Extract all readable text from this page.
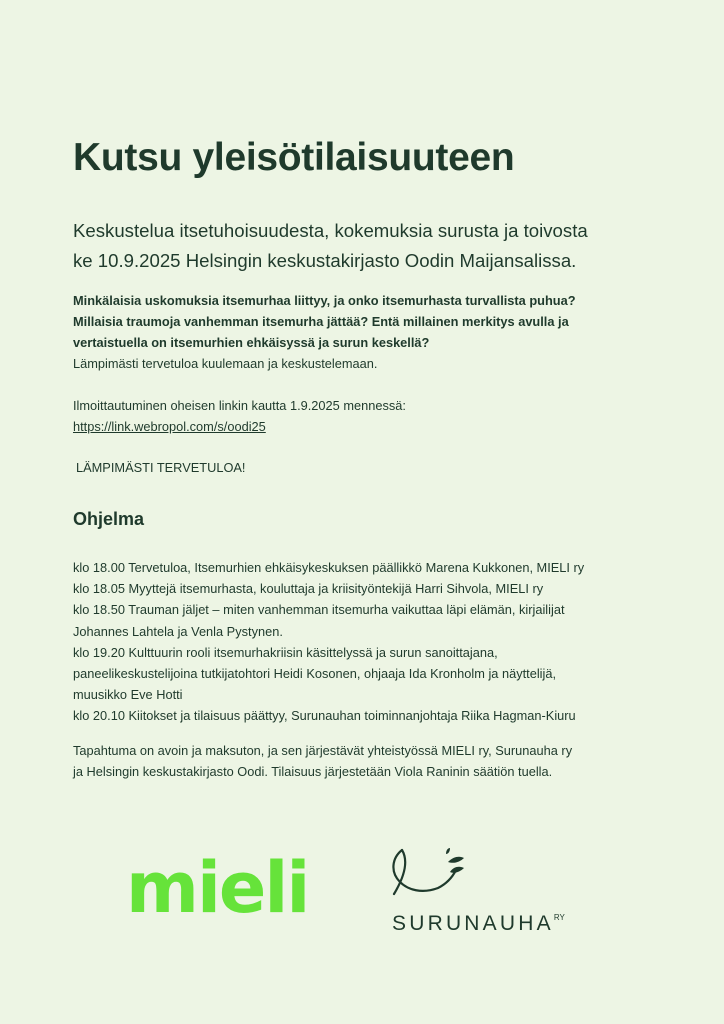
Kutsu yleisötilaisuuteen

Keskustelua itsetuhoisuudesta, kokemuksia surusta ja toivosta
ke 10.9.2025 Helsingin keskustakirjasto Oodin Maijansalissa.

Minkälaisia uskomuksia itsemurhaa liittyy, ja onko itsemurhasta turvallista puhua?
Millaisia traumoja vanhemman itsemurha jättää? Entä millainen merkitys avulla ja
vertaistuella on itsemurhien ehkäisyssä ja surun keskellä?
Lämpimästi tervetuloa kuulemaan ja keskustelemaan.

Ilmoittautuminen oheisen linkin kautta 1.9.2025 mennessä:
https://link.webropol.com/s/oodi25

LÄMPIMÄSTI TERVETULOA!

Ohjelma
klo 18.00 Tervetuloa, Itsemurhien ehkäisykeskuksen päällikkö Marena Kukkonen, MIELI ry
klo 18.05 Myyttejä itsemurhasta, kouluttaja ja kriisityöntekijä Harri Sihvola, MIELI ry
klo 18.50 Trauman jäljet – miten vanhemman itsemurha vaikuttaa läpi elämän, kirjailijat
Johannes Lahtela ja Venla Pystynen.
klo 19.20 Kulttuurin rooli itsemurhakriisin käsittelyssä ja surun sanoittajana,
paneelikeskustelijoina tutkijatohtori Heidi Kosonen, ohjaaja Ida Kronholm ja näyttelijä,
muusikko Eve Hotti
klo 20.10 Kiitokset ja tilaisuus päättyy, Surunauhan toiminnanjohtaja Riika Hagman-Kiuru

Tapahtuma on avoin ja maksuton, ja sen järjestävät yhteistyössä MIELI ry, Surunauha ry
ja Helsingin keskustakirjasto Oodi. Tilaisuus järjestetään Viola Raninin säätiön tuella.

mieli	$SURUNAUHA^{RY}$
